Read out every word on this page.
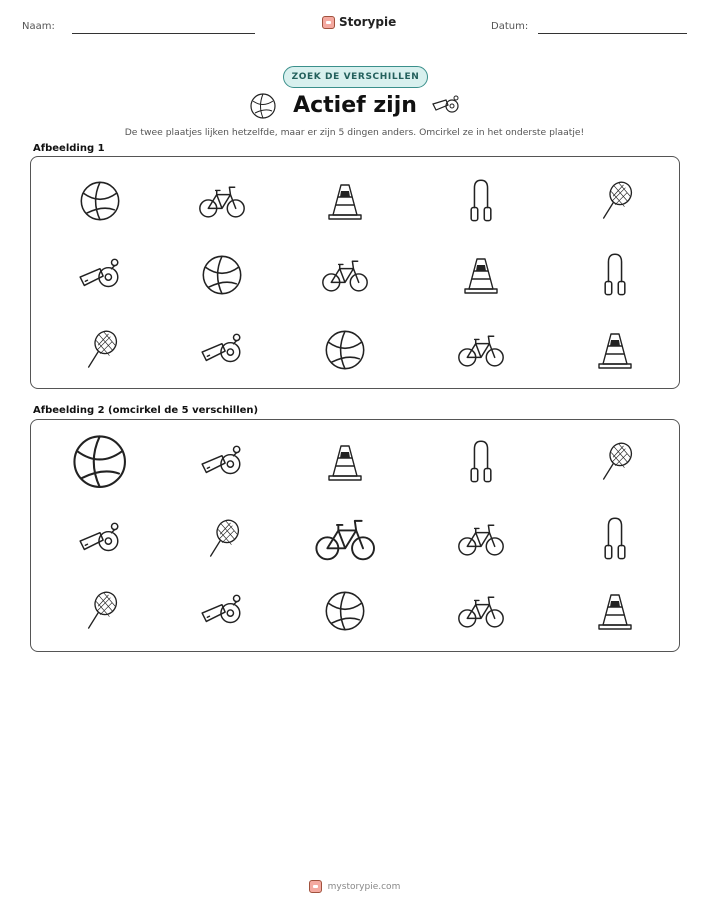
Naam:	Storypie	Datum:
ZOEK DE VERSCHILLEN
Actief zijn
De twee plaatjes lijken hetzelfde, maar er zijn 5 dingen anders. Omcirkel ze in het onderste plaatje!
Afbeelding 1
Afbeelding 2 (omcirkel de 5 verschillen)
mystorypie.com
